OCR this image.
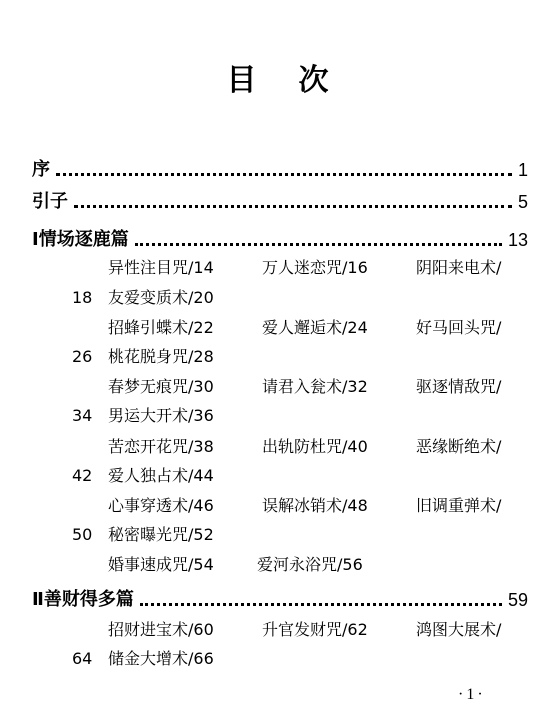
目 次
序	1
引子	5
Ⅰ情场逐鹿篇	13
异性注目咒/14	万人迷恋咒/16	阴阳来电术/
18 友爱变质术/20
招蜂引蝶术/22	爱人邂逅术/24	好马回头咒/
26 桃花脱身咒/28
春梦无痕咒/30	请君入瓮术/32	驱逐情敌咒/
34 男运大开术/36
苦恋开花咒/38	出轨防杜咒/40	恶缘断绝术/
42 爱人独占术/44
心事穿透术/46	误解冰销术/48	旧调重弹术/
50 秘密曝光咒/52
婚事速成咒/54	爱河永浴咒/56
Ⅱ善财得多篇	59
招财进宝术/60	升官发财咒/62	鸿图大展术/
64 储金大增术/66
·1·
